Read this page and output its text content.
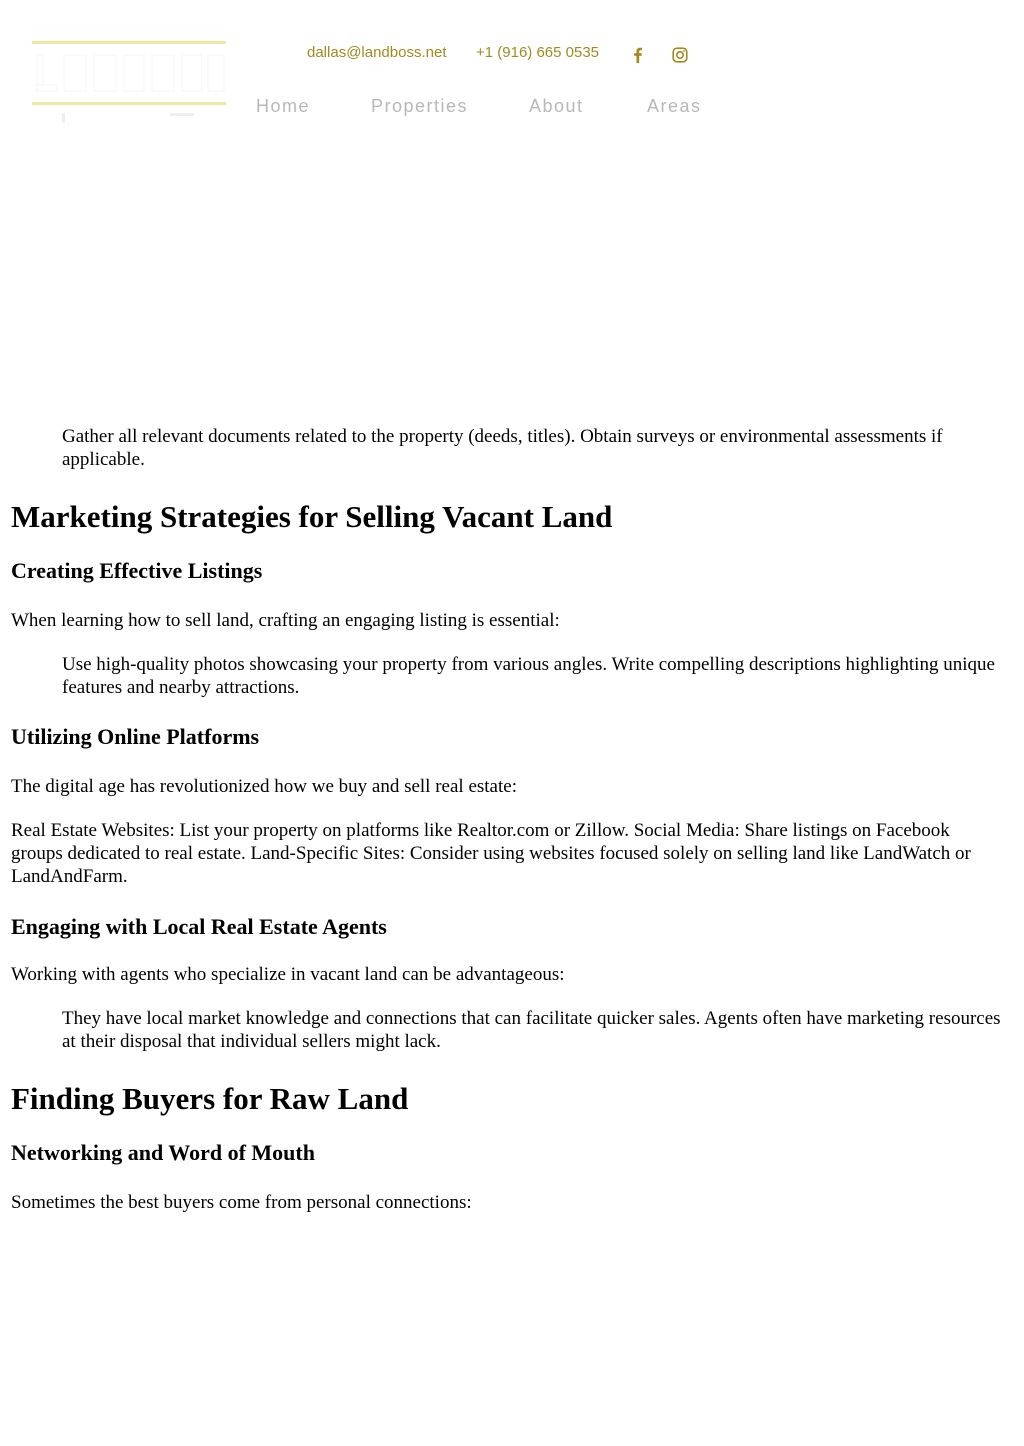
dallas@landboss.net +1 (916) 665 0535
Home	Properties	About	Areas
Gather all relevant documents related to the property (deeds, titles). Obtain surveys or environmental assessments if applicable.
Marketing Strategies for Selling Vacant Land
Creating Effective Listings

When learning how to sell land, crafting an engaging listing is essential:

Use high-quality photos showcasing your property from various angles. Write compelling descriptions highlighting unique features and nearby attractions.
Utilizing Online Platforms

The digital age has revolutionized how we buy and sell real estate:

Real Estate Websites: List your property on platforms like Realtor.com or Zillow. Social Media: Share listings on Facebook groups dedicated to real estate. Land-Specific Sites: Consider using websites focused solely on selling land like LandWatch or LandAndFarm.

Engaging with Local Real Estate Agents

Working with agents who specialize in vacant land can be advantageous:

They have local market knowledge and connections that can facilitate quicker sales. Agents often have marketing resources at their disposal that individual sellers might lack.
Finding Buyers for Raw Land
Networking and Word of Mouth

Sometimes the best buyers come from personal connections:
